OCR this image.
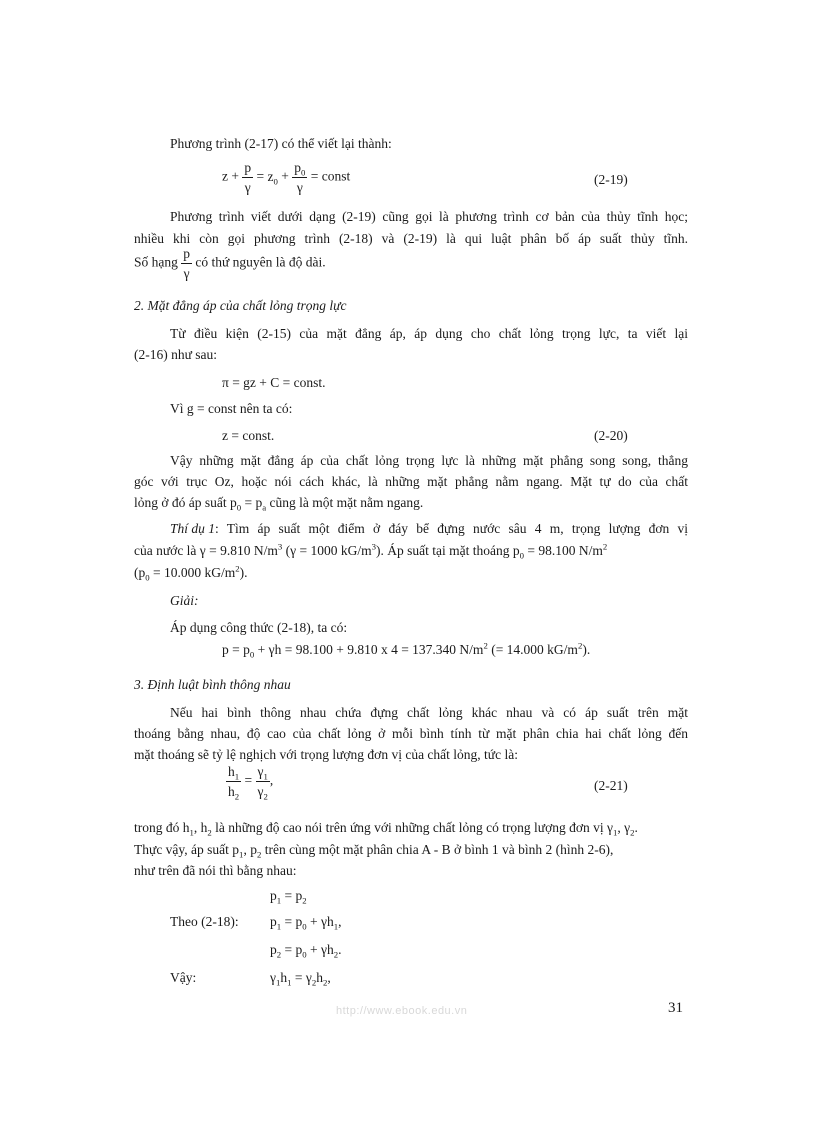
Phương trình (2-17) có thể viết lại thành:
$z + \frac{p}{\gamma} = z_0 + \frac{p_0}{\gamma}$ = const	(2-19)
Phương trình viết dưới dạng (2-19) cũng gọi là phương trình cơ bản của thủy tĩnh học;
nhiều khi còn gọi phương trình (2-18) và (2-19) là qui luật phân bố áp suất thủy tĩnh.
Số hạng $\frac{p}{\gamma}$ có thứ nguyên là độ dài.
2. Mặt đẳng áp của chất lỏng trọng lực
Từ điều kiện (2-15) của mặt đẳng áp, áp dụng cho chất lỏng trọng lực, ta viết lại
(2-16) như sau:
π = gz + C = const.
Vì g = const nên ta có:
z = const.	(2-20)
Vậy những mặt đẳng áp của chất lỏng trọng lực là những mặt phẳng song song, thẳng
góc với trục Oz, hoặc nói cách khác, là những mặt phẳng nằm ngang. Mặt tự do của chất
lỏng ở đó áp suất $p_0 = p_a$ cũng là một mặt nằm ngang.
Thí dụ 1 : Tìm áp suất một điểm ở đáy bể đựng nước sâu 4 m, trọng lượng đơn vị
của nước là γ = 9.810 $N/m^3$ (γ = 1000 $kG/m^3$). Áp suất tại mặt thoáng $p_0 = 98.100$ $N/m^2$
($p_0 = 10.000$ $kG/m^2$).
Giải:
Áp dụng công thức (2-18), ta có:
$p = p_0 + \gamma h = 98.100 + 9.810$ x 4 = 137.340 $N/m^2$ (= 14.000 $kG/m^2$).
3. Định luật bình thông nhau
Nếu hai bình thông nhau chứa đựng chất lỏng khác nhau và có áp suất trên mặt
thoáng bằng nhau, độ cao của chất lỏng ở mỗi bình tính từ mặt phân chia hai chất lỏng đến
mặt thoáng sẽ tỷ lệ nghịch với trọng lượng đơn vị của chất lỏng, tức là:
$\frac{h_1}{h_2} = \frac{\gamma_1}{\gamma_2}$ ,	(2-21)
trong đó $h_1$, $h_2$ là những độ cao nói trên ứng với những chất lỏng có trọng lượng đơn vị $\gamma_1$, $\gamma_2$.
Thực vậy, áp suất $p_1$, $p_2$ trên cùng một mặt phân chia A - B ở bình 1 và bình 2 (hình 2-6),
như trên đã nói thì bằng nhau:
$p_1 = p_2$
Theo (2-18): $p_1 = p_0 + \gamma h_1$,
$p_2 = p_0 + \gamma h_2$.
Vậy:	$\gamma_1h_1 = \gamma_2h_2$,
http://www.ebook.edu.vn	31
